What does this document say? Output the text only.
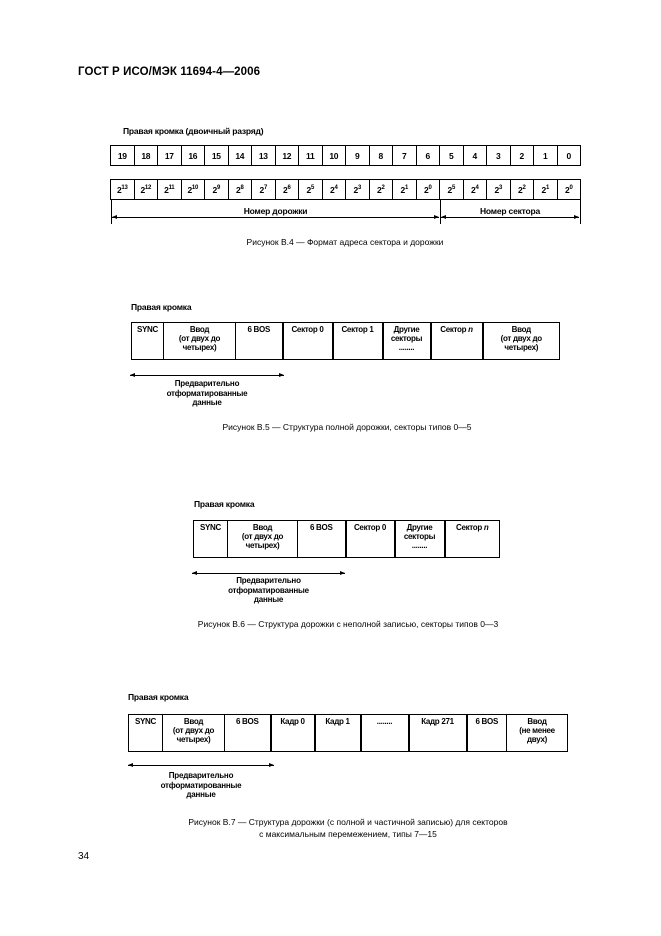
ГОСТ Р ИСО/МЭК 11694-4—2006
Правая кромка (двоичный разряд)
19	18	17	16	15	14	13	12	11	10	9	8	7	6	5	4	3	2	1	0
$2^{13}$	$2^{12}$	$2^{11}$	$2^{10}$	$2^9$	$2^8$	$2^7$	$2^6$	$2^5$	$2^4$	$2^3$	$2^2$	$2^1$	$2^0$	$2^5$	$2^4$	$2^3$	$2^2$	$2^1$	$2^0$
Номер дорожки	Номер сектора
Рисунок В.4 — Формат адреса сектора и дорожки
Правая кромка
SYNC	Ввод
(от двух до
четырех)
	6 BOS	Сектор 0	Сектор 1	Другие
секторы
........
	Сектор n	Ввод
(от двух до
четырех)
Предварительно
отформатированные
данные
Рисунок В.5 — Структура полной дорожки, секторы типов 0—5
Правая кромка
SYNC	Ввод
(от двух до
четырех)
	6 BOS	Сектор 0	Другие
секторы
........
	Сектор n
Предварительно
отформатированные
данные
Рисунок В.6 — Структура дорожки с неполной записью, секторы типов 0—3
Правая кромка
SYNC	Ввод
(от двух до
четырех)
	6 BOS	Кадр 0	Кадр 1	........	Кадр 271	6 BOS	Ввод
(не менее
двух)
Предварительно
отформатированные
данные
Рисунок В.7 — Структура дорожки (с полной и частичной записью) для секторов
с максимальным перемежением, типы 7—15
34
